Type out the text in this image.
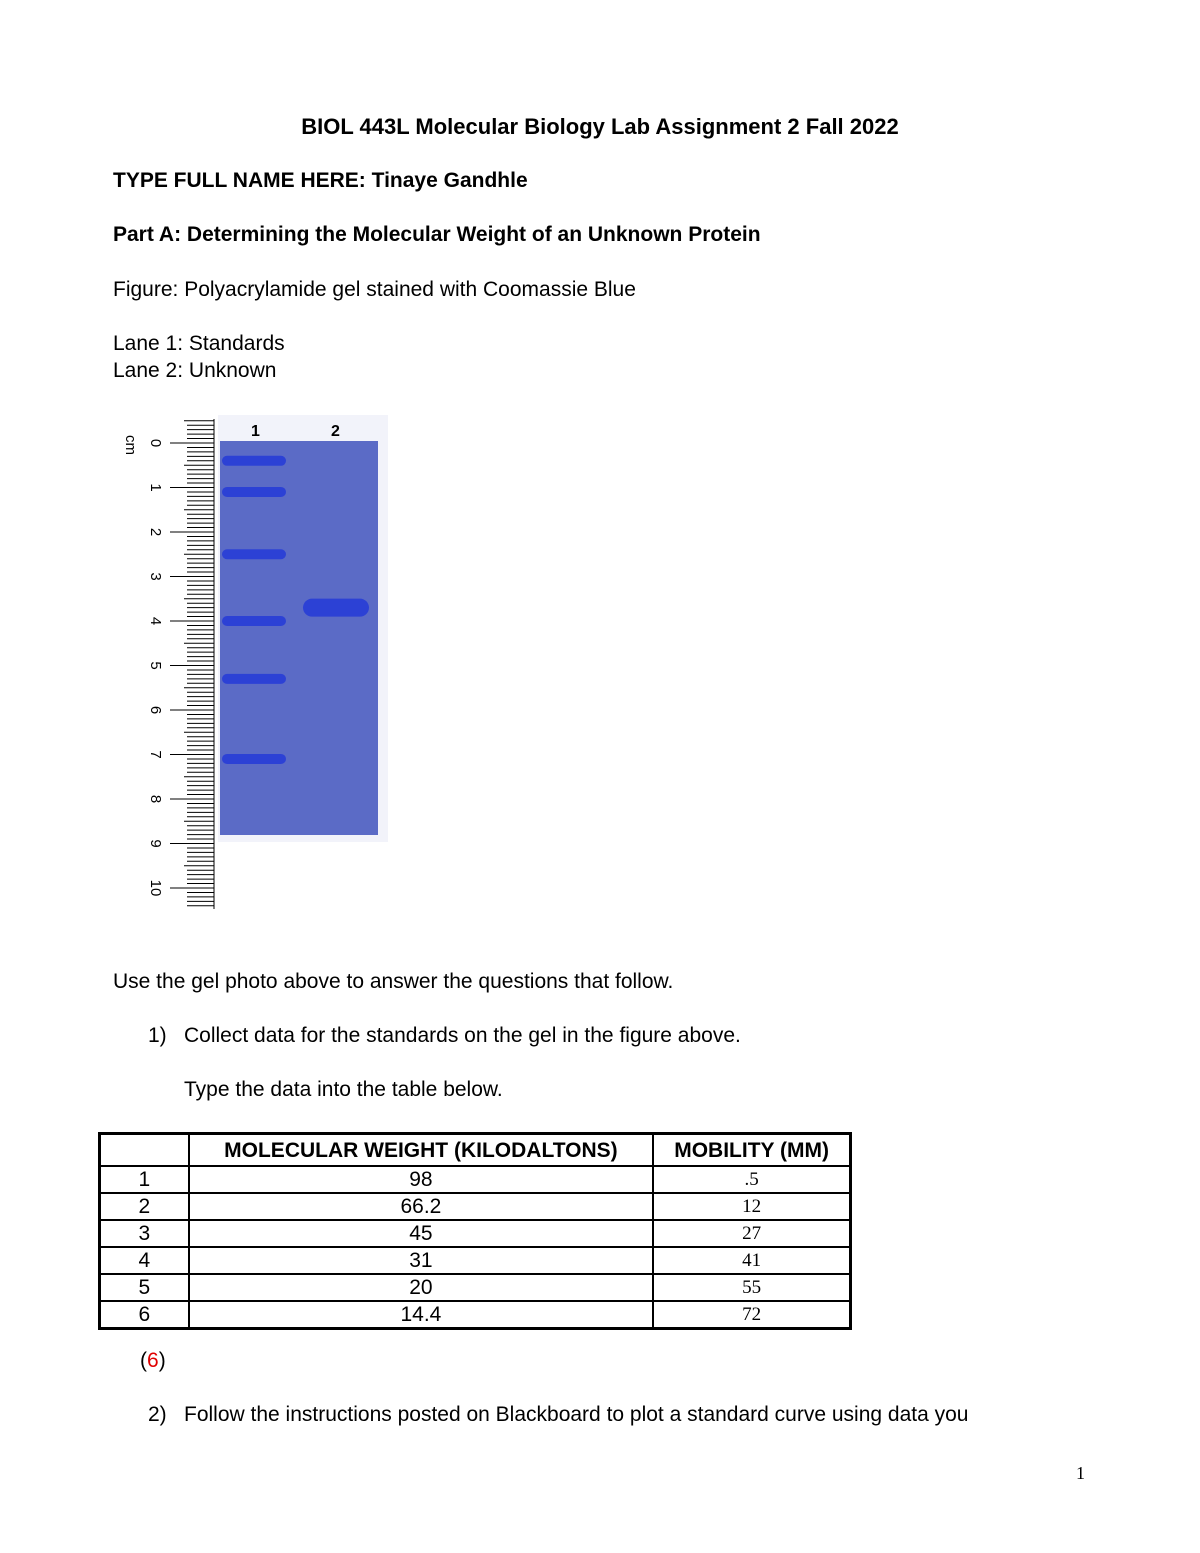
BIOL 443L Molecular Biology Lab Assignment 2 Fall 2022
TYPE FULL NAME HERE: Tinaye Gandhle
Part A: Determining the Molecular Weight of an Unknown Protein
Figure: Polyacrylamide gel stained with Coomassie Blue
Lane 1: Standards
Lane 2: Unknown
1	2
cm 0
1
2
3
4
5
6
7
8
9
10
Use the gel photo above to answer the questions that follow.
1) Collect data for the standards on the gel in the figure above.
Type the data into the table below.
	MOLECULAR WEIGHT (KILODALTONS)	MOBILITY (MM)
1	98	.5
2	66.2	12
3	45	27
4	31	41
5	20	55
6	14.4	72
(6)
2) Follow the instructions posted on Blackboard to plot a standard curve using data you
1
